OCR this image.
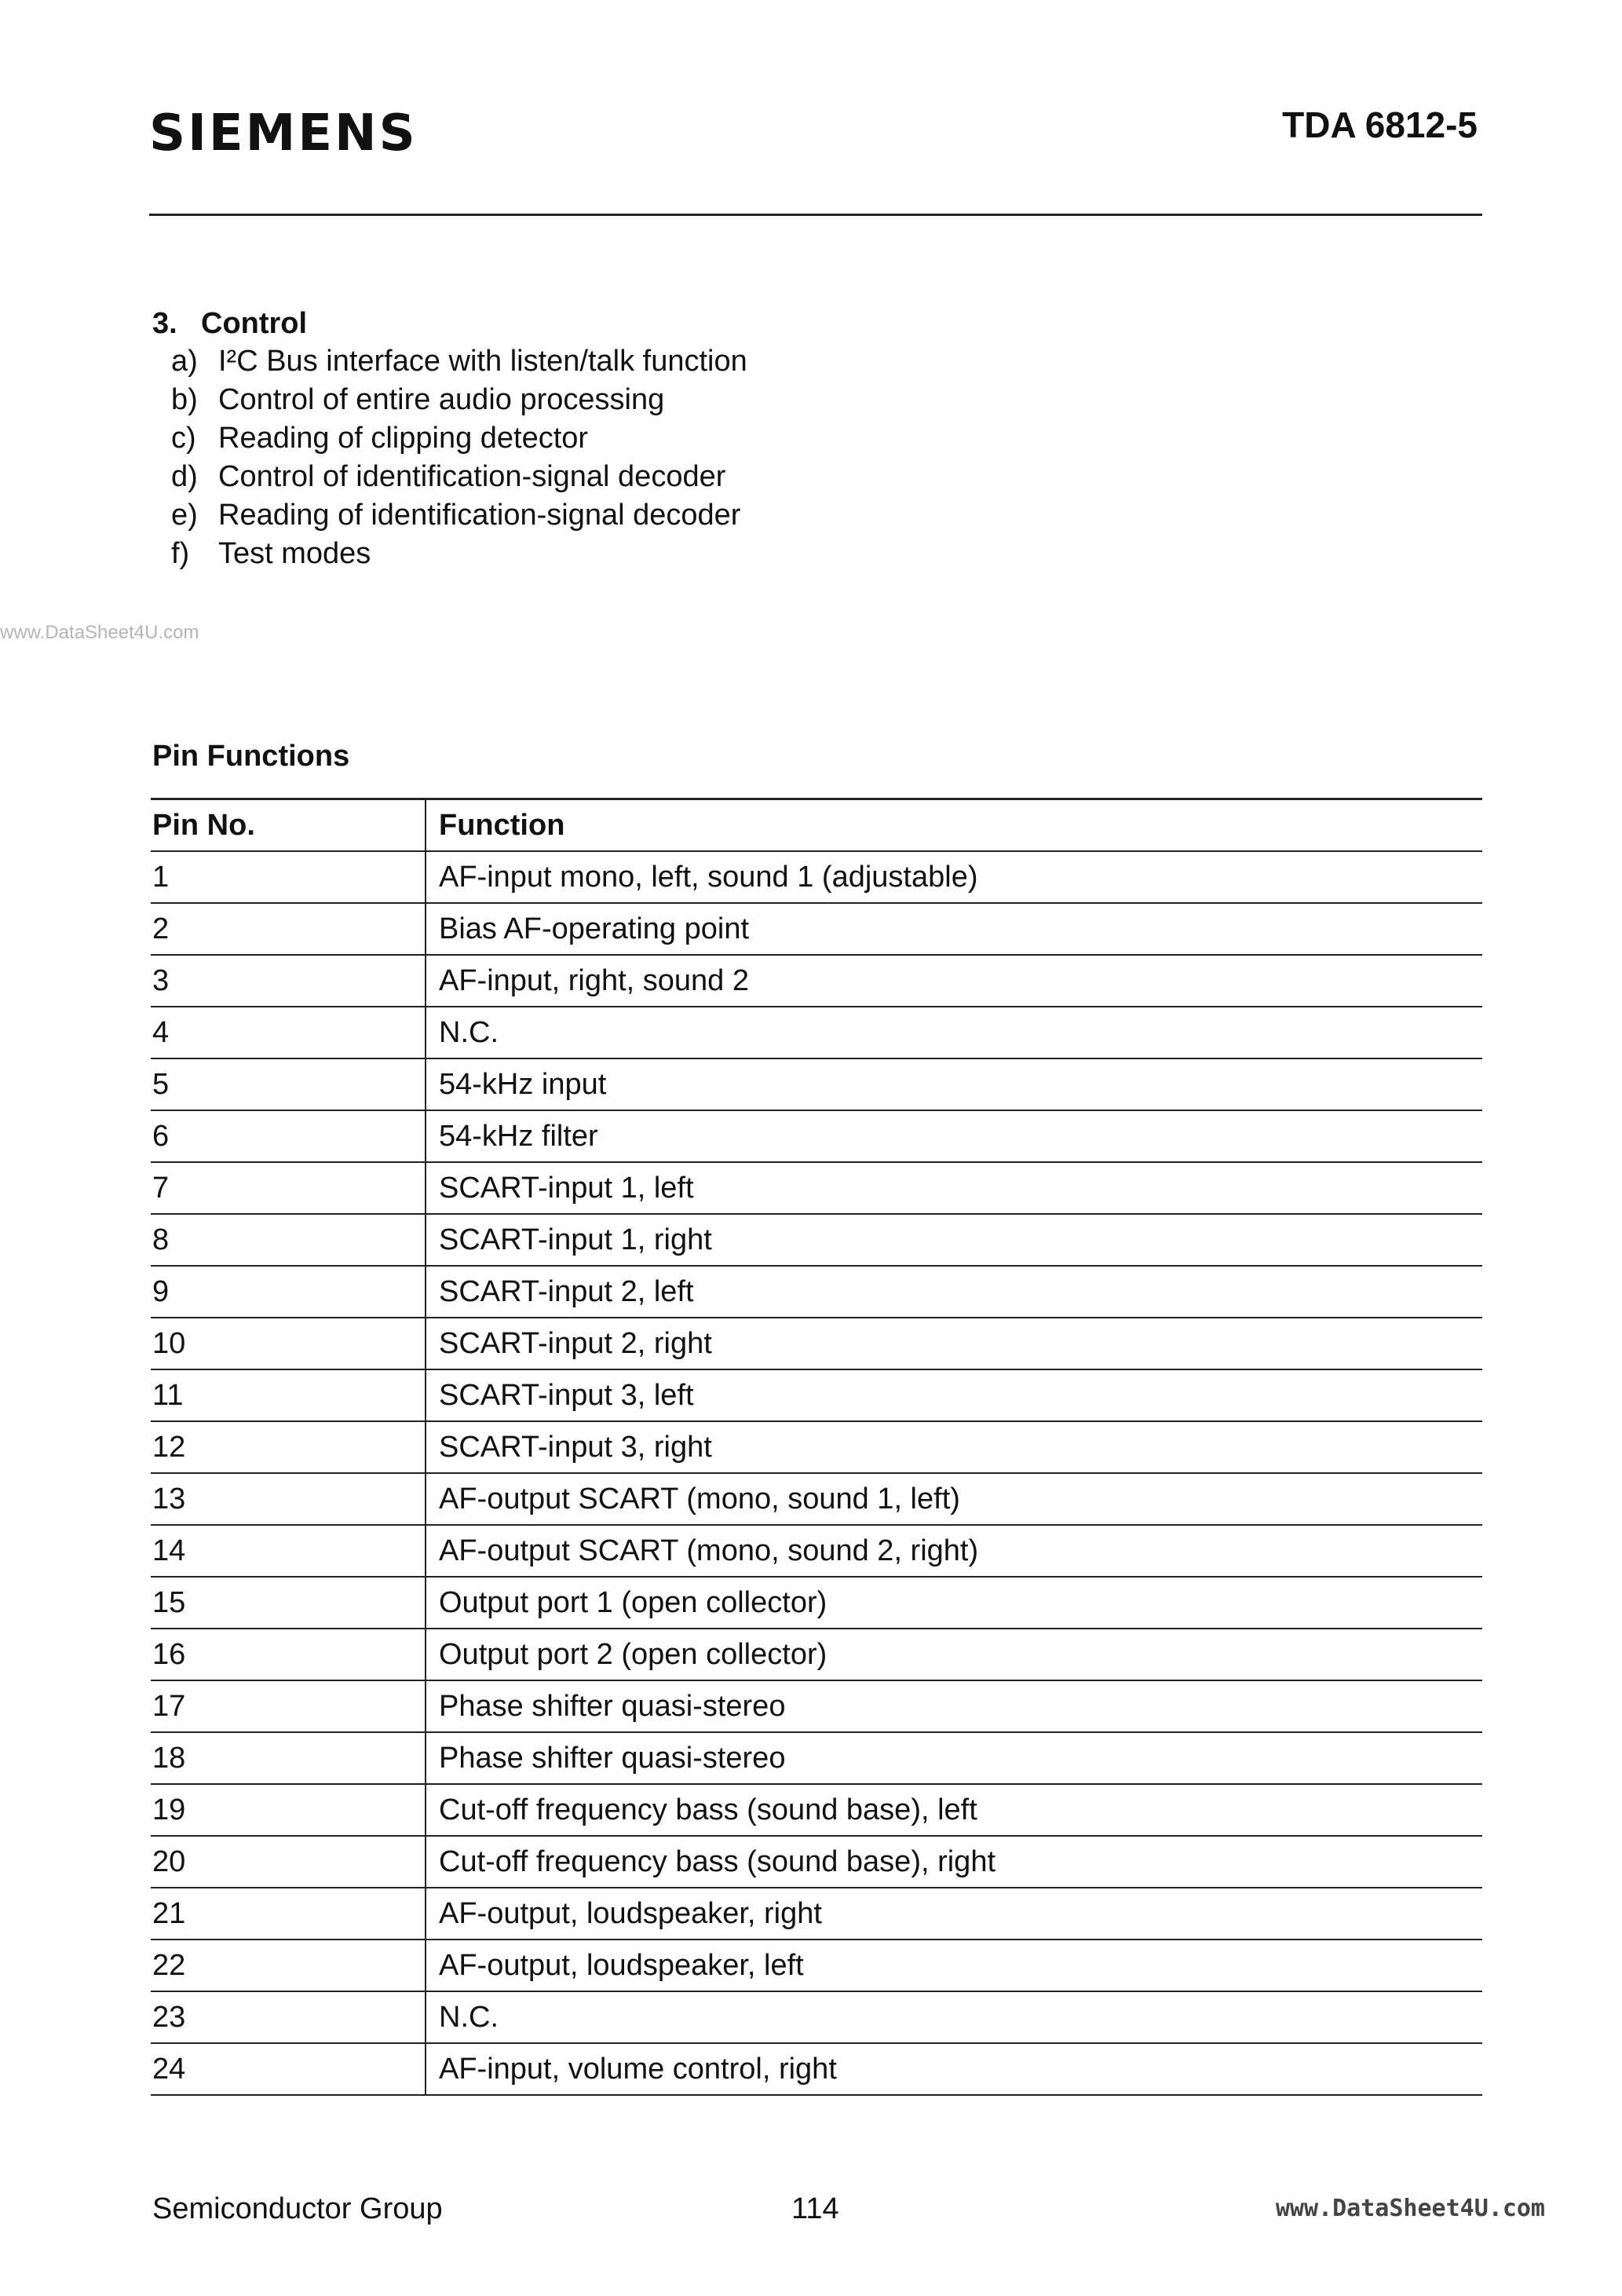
SIEMENS	TDA 6812-5
3. Control
a) I²C Bus interface with listen/talk function
b) Control of entire audio processing
c) Reading of clipping detector
d) Control of identification-signal decoder
e) Reading of identification-signal decoder
f) Test modes
www.DataSheet4U.com
Pin Functions
Pin No.	Function
1	AF-input mono, left, sound 1 (adjustable)
2	Bias AF-operating point
3	AF-input, right, sound 2
4	N.C.
5	54-kHz input
6	54-kHz filter
7	SCART-input 1, left
8	SCART-input 1, right
9	SCART-input 2, left
10	SCART-input 2, right
11	SCART-input 3, left
12	SCART-input 3, right
13	AF-output SCART (mono, sound 1, left)
14	AF-output SCART (mono, sound 2, right)
15	Output port 1 (open collector)
16	Output port 2 (open collector)
17	Phase shifter quasi-stereo
18	Phase shifter quasi-stereo
19	Cut-off frequency bass (sound base), left
20	Cut-off frequency bass (sound base), right
21	AF-output, loudspeaker, right
22	AF-output, loudspeaker, left
23	N.C.
24	AF-input, volume control, right
Semiconductor Group	114	www.DataSheet4U.com
